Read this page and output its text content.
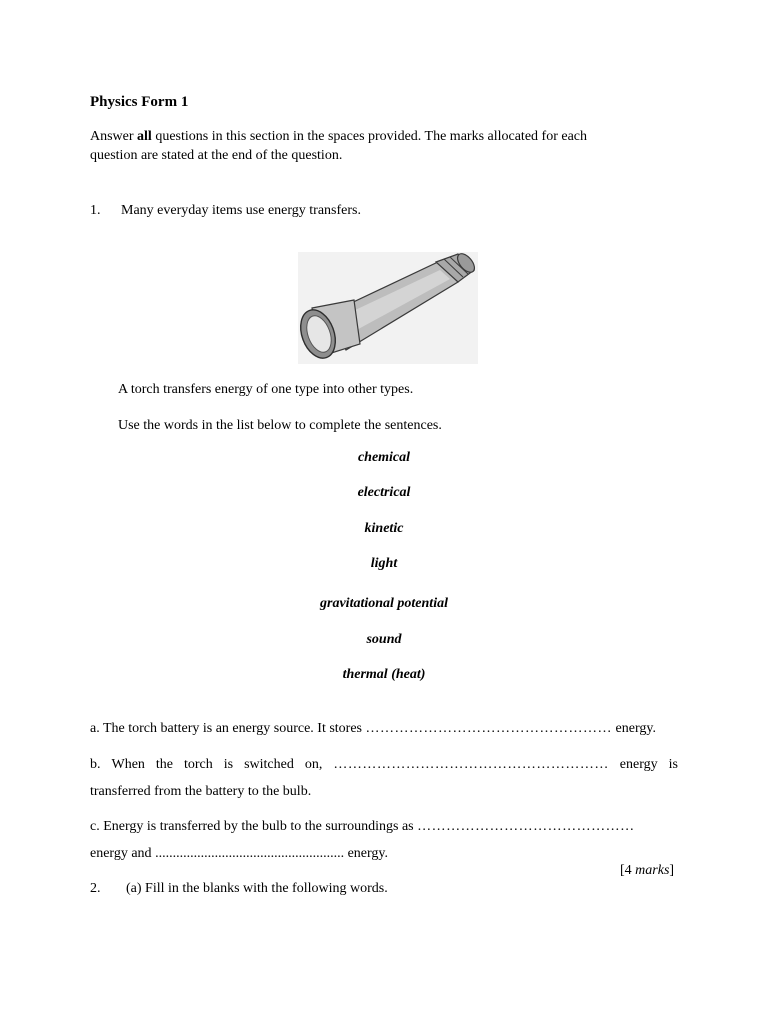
Physics Form 1
Answer all questions in this section in the spaces provided. The marks allocated for each
question are stated at the end of the question.
1. Many everyday items use energy transfers.
A torch transfers energy of one type into other types.
Use the words in the list below to complete the sentences.
chemical
electrical
kinetic
light
gravitational potential
sound
thermal (heat)
a. The torch battery is an energy source. It stores …………………………………………… energy.
b. When the torch is switched on, ………………………………………………… energy is
transferred from the battery to the bulb.
c. Energy is transferred by the bulb to the surroundings as ………………………………………
energy and ...................................................... energy.
[4 marks]
2. (a) Fill in the blanks with the following words.
